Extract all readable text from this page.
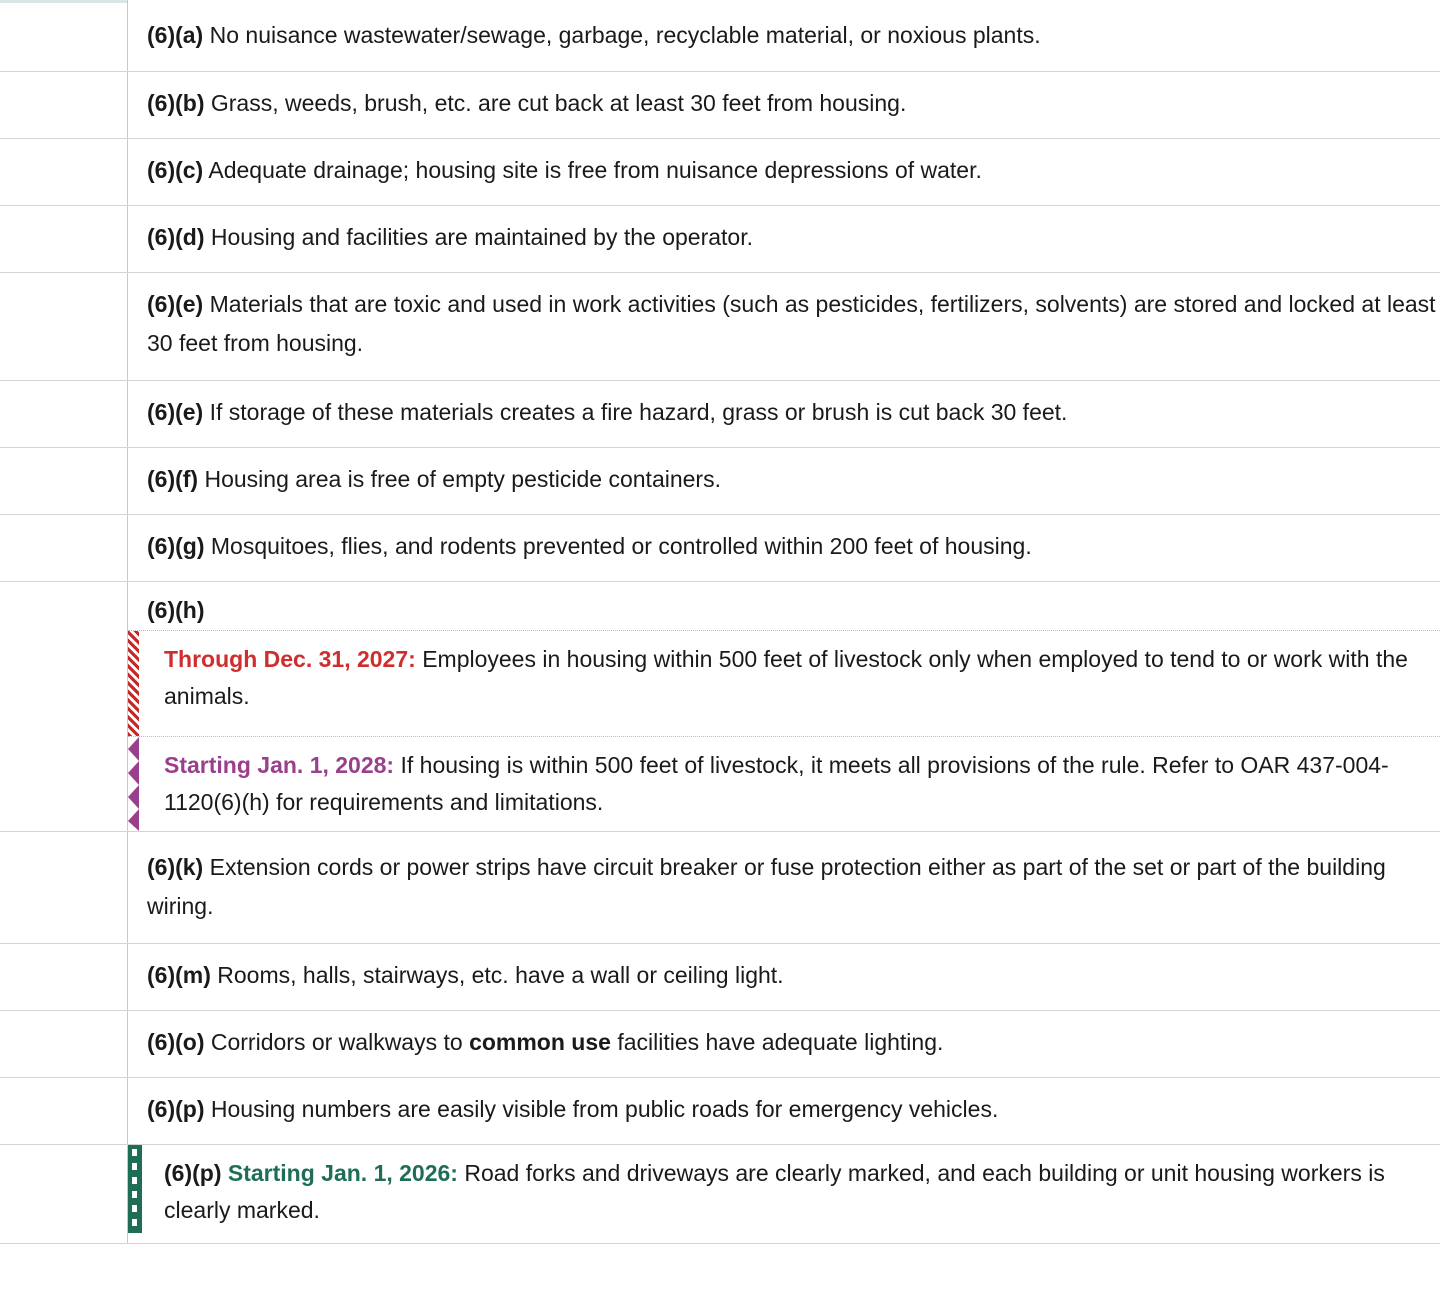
(6)(a) No nuisance wastewater/sewage, garbage, recyclable material, or noxious plants.
(6)(b) Grass, weeds, brush, etc. are cut back at least 30 feet from housing.
(6)(c) Adequate drainage; housing site is free from nuisance depressions of water.
(6)(d) Housing and facilities are maintained by the operator.
(6)(e) Materials that are toxic and used in work activities (such as pesticides, fertilizers, solvents) are stored and locked at least 30 feet from housing.
(6)(e) If storage of these materials creates a fire hazard, grass or brush is cut back 30 feet.
(6)(f) Housing area is free of empty pesticide containers.
(6)(g) Mosquitoes, flies, and rodents prevented or controlled within 200 feet of housing.
(6)(h)
Through Dec. 31, 2027: Employees in housing within 500 feet of livestock only when employed to tend to or work with the animals.
Starting Jan. 1, 2028: If housing is within 500 feet of livestock, it meets all provisions of the rule. Refer to OAR 437-004-1120(6)(h) for requirements and limitations.
(6)(k) Extension cords or power strips have circuit breaker or fuse protection either as part of the set or part of the building wiring.
(6)(m) Rooms, halls, stairways, etc. have a wall or ceiling light.
(6)(o) Corridors or walkways to common use facilities have adequate lighting.
(6)(p) Housing numbers are easily visible from public roads for emergency vehicles.
(6)(p) Starting Jan. 1, 2026: Road forks and driveways are clearly marked, and each building or unit housing workers is clearly marked.
